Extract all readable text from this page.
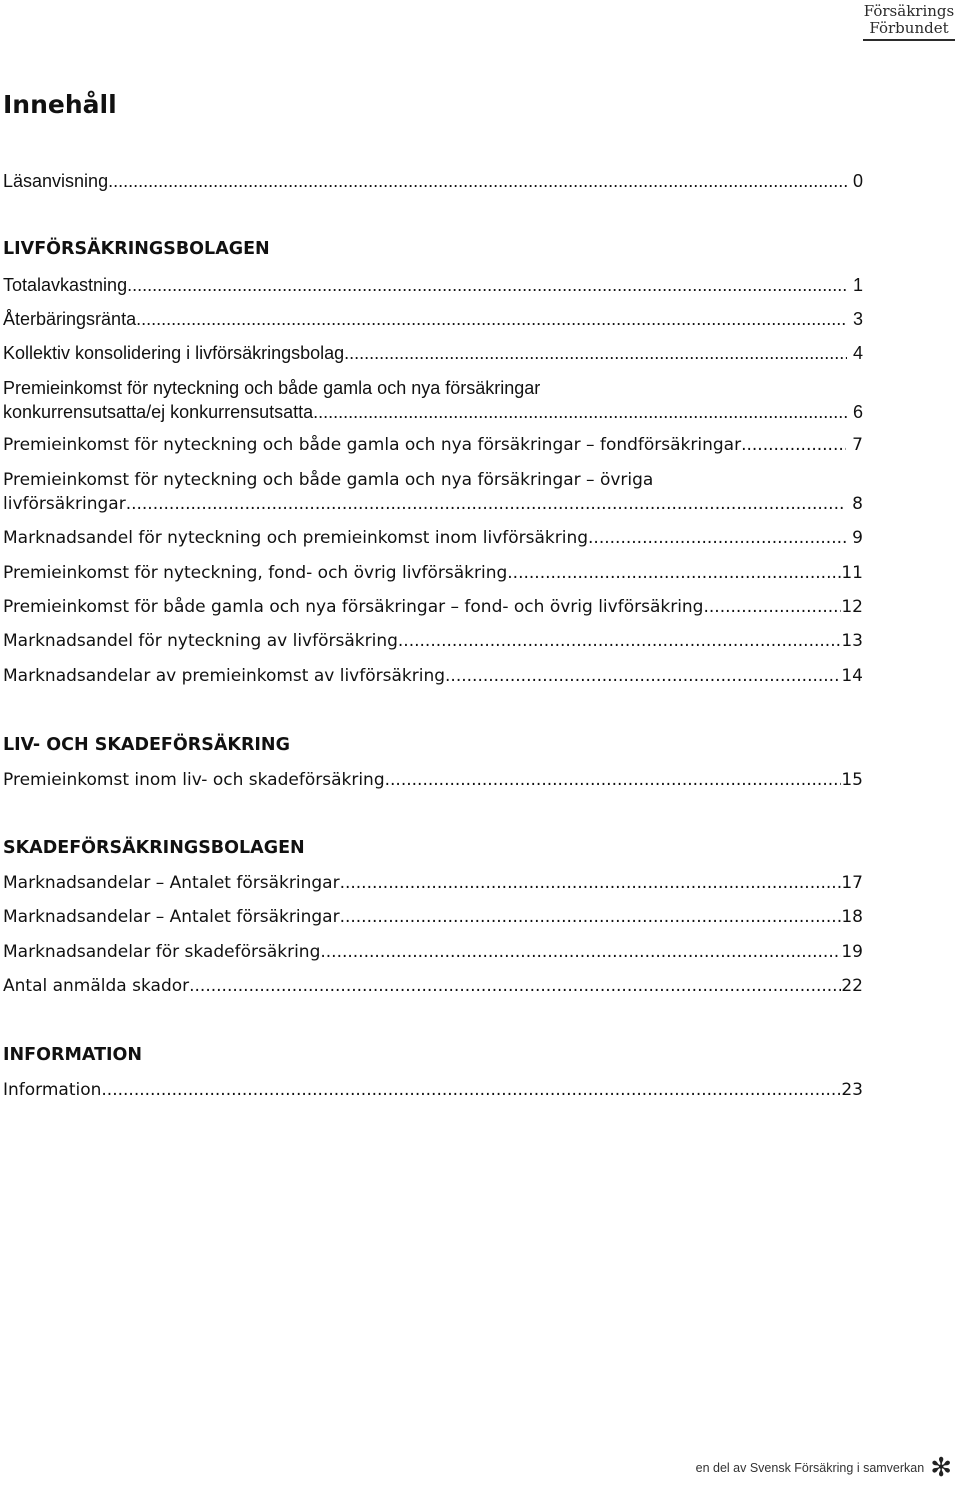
Försäkrings
Förbundet
Innehåll
Läsanvisning .....	0
LIVFÖRSÄKRINGSBOLAGEN
Totalavkastning .....	1
Återbäringsränta .....	3
Kollektiv konsolidering i livförsäkringsbolag .....	4
Premieinkomst för nyteckning och både gamla och nya försäkringar
konkurrensutsatta/ej konkurrensutsatta .....	6
Premieinkomst för nyteckning och både gamla och nya försäkringar – fondförsäkringar .....	7
Premieinkomst för nyteckning och både gamla och nya försäkringar – övriga
livförsäkringar .....	8
Marknadsandel för nyteckning och premieinkomst inom livförsäkring .....	9
Premieinkomst för nyteckning, fond- och övrig livförsäkring .....	11
Premieinkomst för både gamla och nya försäkringar – fond- och övrig livförsäkring .....	12
Marknadsandel för nyteckning av livförsäkring .....	13
Marknadsandelar av premieinkomst av livförsäkring .....	14
LIV- OCH SKADEFÖRSÄKRING
Premieinkomst inom liv- och skadeförsäkring .....	15
SKADEFÖRSÄKRINGSBOLAGEN
Marknadsandelar – Antalet försäkringar .....	17
Marknadsandelar – Antalet försäkringar .....	18
Marknadsandelar för skadeförsäkring .....	19
Antal anmälda skador .....	22
INFORMATION
Information .....	23
en del av Svensk Försäkring i samverkan ✻
